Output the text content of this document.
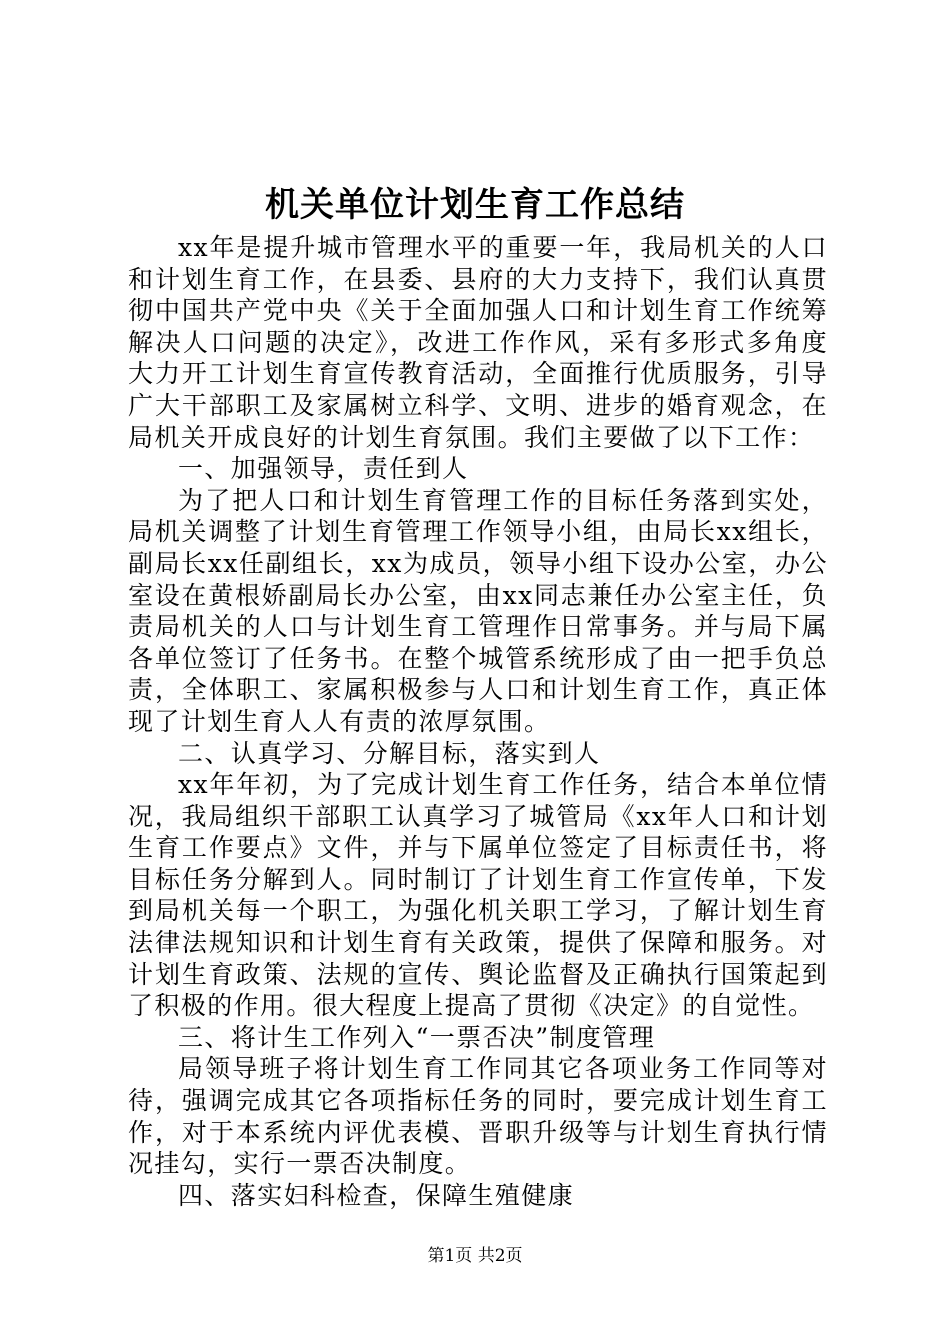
机关单位计划生育工作总结

xx年是提升城市管理水平的重要一年，我局机关的人口和计划生育工作，在县委、县府的大力支持下，我们认真贯彻中国共产党中央《关于全面加强人口和计划生育工作统筹解决人口问题的决定》，改进工作作风，采有多形式多角度大力开工计划生育宣传教育活动，全面推行优质服务，引导广大干部职工及家属树立科学、文明、进步的婚育观念，在局机关开成良好的计划生育氛围。我们主要做了以下工作：

一、加强领导，责任到人

为了把人口和计划生育管理工作的目标任务落到实处，局机关调整了计划生育管理工作领导小组，由局长xx组长，副局长xx任副组长，xx为成员，领导小组下设办公室，办公室设在黄根娇副局长办公室，由xx同志兼任办公室主任，负责局机关的人口与计划生育工管理作日常事务。并与局下属各单位签订了任务书。在整个城管系统形成了由一把手负总责，全体职工、家属积极参与人口和计划生育工作，真正体现了计划生育人人有责的浓厚氛围。

二、认真学习、分解目标，落实到人

xx年年初，为了完成计划生育工作任务，结合本单位情况，我局组织干部职工认真学习了城管局《xx年人口和计划生育工作要点》文件，并与下属单位签定了目标责任书，将目标任务分解到人。同时制订了计划生育工作宣传单，下发到局机关每一个职工，为强化机关职工学习，了解计划生育法律法规知识和计划生育有关政策，提供了保障和服务。对计划生育政策、法规的宣传、舆论监督及正确执行国策起到了积极的作用。很大程度上提高了贯彻《决定》的自觉性。

三、将计生工作列入“一票否决”制度管理

局领导班子将计划生育工作同其它各项业务工作同等对待，强调完成其它各项指标任务的同时，要完成计划生育工作，对于本系统内评优表模、晋职升级等与计划生育执行情况挂勾，实行一票否决制度。

四、落实妇科检查，保障生殖健康

第1页 共2页
